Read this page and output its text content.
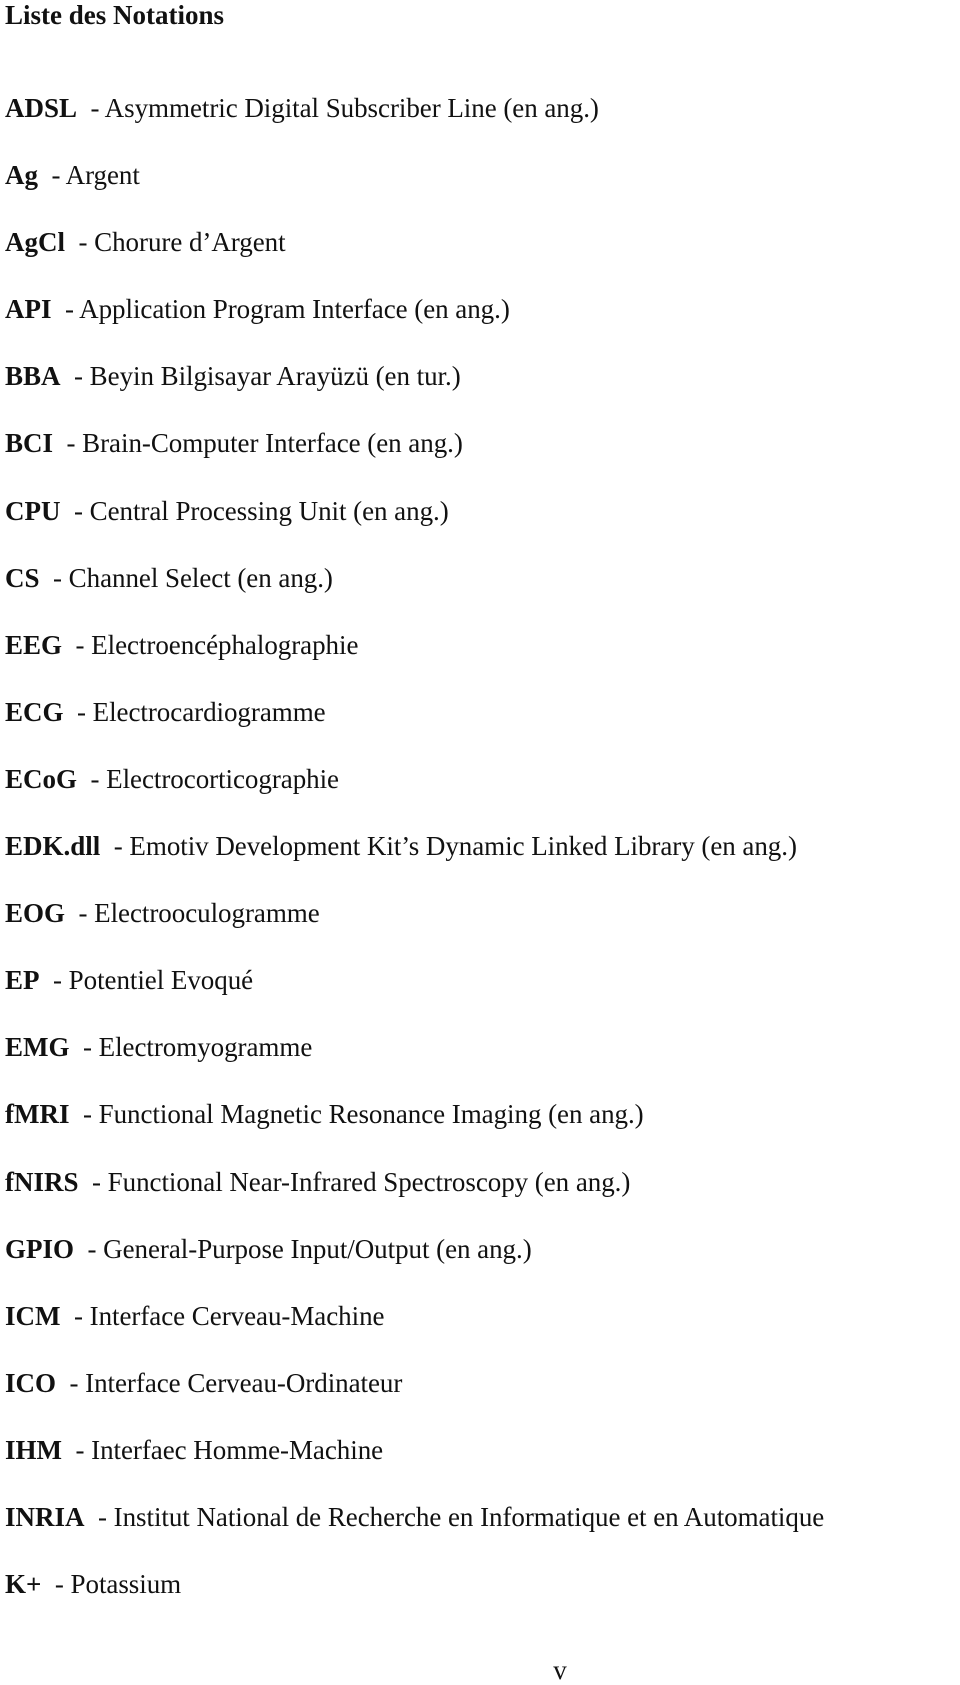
Liste des Notations
ADSL - Asymmetric Digital Subscriber Line (en ang.)
Ag - Argent
AgCl - Chorure d’Argent
API - Application Program Interface (en ang.)
BBA - Beyin Bilgisayar Arayüzü (en tur.)
BCI - Brain-Computer Interface (en ang.)
CPU - Central Processing Unit (en ang.)
CS - Channel Select (en ang.)
EEG - Electroencéphalographie
ECG - Electrocardiogramme
ECoG - Electrocorticographie
EDK.dll - Emotiv Development Kit’s Dynamic Linked Library (en ang.)
EOG - Electrooculogramme
EP - Potentiel Evoqué
EMG - Electromyogramme
fMRI - Functional Magnetic Resonance Imaging (en ang.)
fNIRS - Functional Near-Infrared Spectroscopy (en ang.)
GPIO - General-Purpose Input/Output (en ang.)
ICM - Interface Cerveau-Machine
ICO - Interface Cerveau-Ordinateur
IHM - Interfaec Homme-Machine
INRIA - Institut National de Recherche en Informatique et en Automatique
K+ - Potassium
v
